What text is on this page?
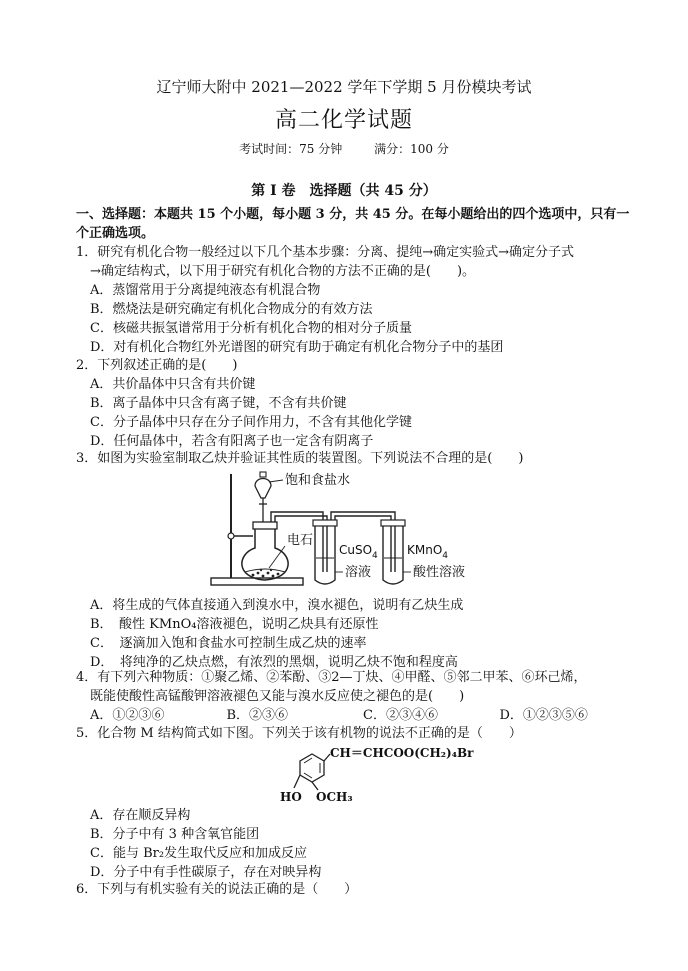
辽宁师大附中 2021—2022 学年下学期 5 月份模块考试
高二化学试题
考试时间：75 分钟	满分：100 分
第 Ⅰ 卷　选择题（共 45 分）
一、选择题：本题共 15 个小题，每小题 3 分，共 45 分。在每小题给出的四个选项中，只有一个正确选项。
1．研究有机化合物一般经过以下几个基本步骤：分离、提纯→确定实验式→确定分子式
→确定结构式，以下用于研究有机化合物的方法不正确的是(　　)。
A．蒸馏常用于分离提纯液态有机混合物
B．燃烧法是研究确定有机化合物成分的有效方法
C．核磁共振氢谱常用于分析有机化合物的相对分子质量
D．对有机化合物红外光谱图的研究有助于确定有机化合物分子中的基团
2．下列叙述正确的是(　　)
A．共价晶体中只含有共价键
B．离子晶体中只含有离子键，不含有共价键
C．分子晶体中只存在分子间作用力，不含有其他化学键
D．任何晶体中，若含有阳离子也一定含有阴离子
3．如图为实验室制取乙炔并验证其性质的装置图。下列说法不合理的是(　　)
饱和食盐水
电石
CuSO$_4$
溶液
KMnO$_4$
酸性溶液
A．将生成的气体直接通入到溴水中，溴水褪色，说明有乙炔生成
B．　酸性 KMnO₄溶液褪色，说明乙炔具有还原性
C．　逐滴加入饱和食盐水可控制生成乙炔的速率
D．　将纯净的乙炔点燃，有浓烈的黑烟，说明乙炔不饱和程度高
4．有下列六种物质：①聚乙烯、②苯酚、③2—丁炔、④甲醛、⑤邻二甲苯、⑥环己烯，
既能使酸性高锰酸钾溶液褪色又能与溴水反应使之褪色的是(　　)
A．①②③⑥	B．②③⑥	C．②③④⑥	D．①②③⑤⑥
5．化合物 M 结构简式如下图。下列关于该有机物的说法不正确的是（　　）
CH＝CHCOO(CH₂)₄Br
HO OCH₃
A．存在顺反异构
B．分子中有 3 种含氧官能团
C．能与 Br₂发生取代反应和加成反应
D．分子中有手性碳原子，存在对映异构
6．下列与有机实验有关的说法正确的是（　　）
